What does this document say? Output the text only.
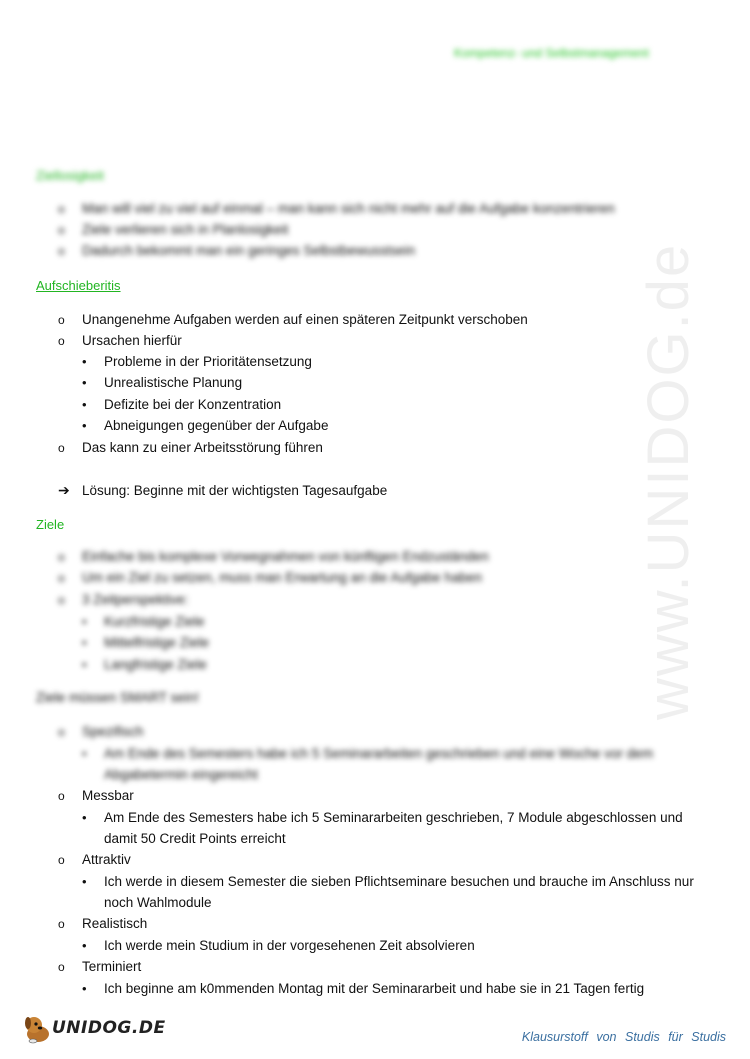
Kompetenz- und Selbstmanagement
www.UNIDOG.de
Ziellosigkeit
o Man will viel zu viel auf einmal – man kann sich nicht mehr auf die Aufgabe konzentrieren
o Ziele verlieren sich in Planlosigkeit
o Dadurch bekommt man ein geringes Selbstbewusstsein
Aufschieberitis
o Unangenehme Aufgaben werden auf einen späteren Zeitpunkt verschoben
o Ursachen hierfür
• Probleme in der Prioritätensetzung
• Unrealistische Planung
• Defizite bei der Konzentration
• Abneigungen gegenüber der Aufgabe
o Das kann zu einer Arbeitsstörung führen
➔ Lösung: Beginne mit der wichtigsten Tagesaufgabe
Ziele
o Einfache bis komplexe Vorwegnahmen von künftigen Endzuständen
o Um ein Ziel zu setzen, muss man Erwartung an die Aufgabe haben
o 3 Zeitperspektive:
• Kurzfristige Ziele
• Mittelfristige Ziele
• Langfristige Ziele
Ziele müssen SMART sein!
o Spezifisch
• Am Ende des Semesters habe ich 5 Seminararbeiten geschrieben und eine Woche vor dem
Abgabetermin eingereicht
o Messbar
• Am Ende des Semesters habe ich 5 Seminararbeiten geschrieben, 7 Module abgeschlossen und
damit 50 Credit Points erreicht
o Attraktiv
• Ich werde in diesem Semester die sieben Pflichtseminare besuchen und brauche im Anschluss nur
noch Wahlmodule
o Realistisch
• Ich werde mein Studium in der vorgesehenen Zeit absolvieren
o Terminiert
• Ich beginne am k0mmenden Montag mit der Seminararbeit und habe sie in 21 Tagen fertig
UNIDOG.DE	Klausurstoff von Studis für Studis
